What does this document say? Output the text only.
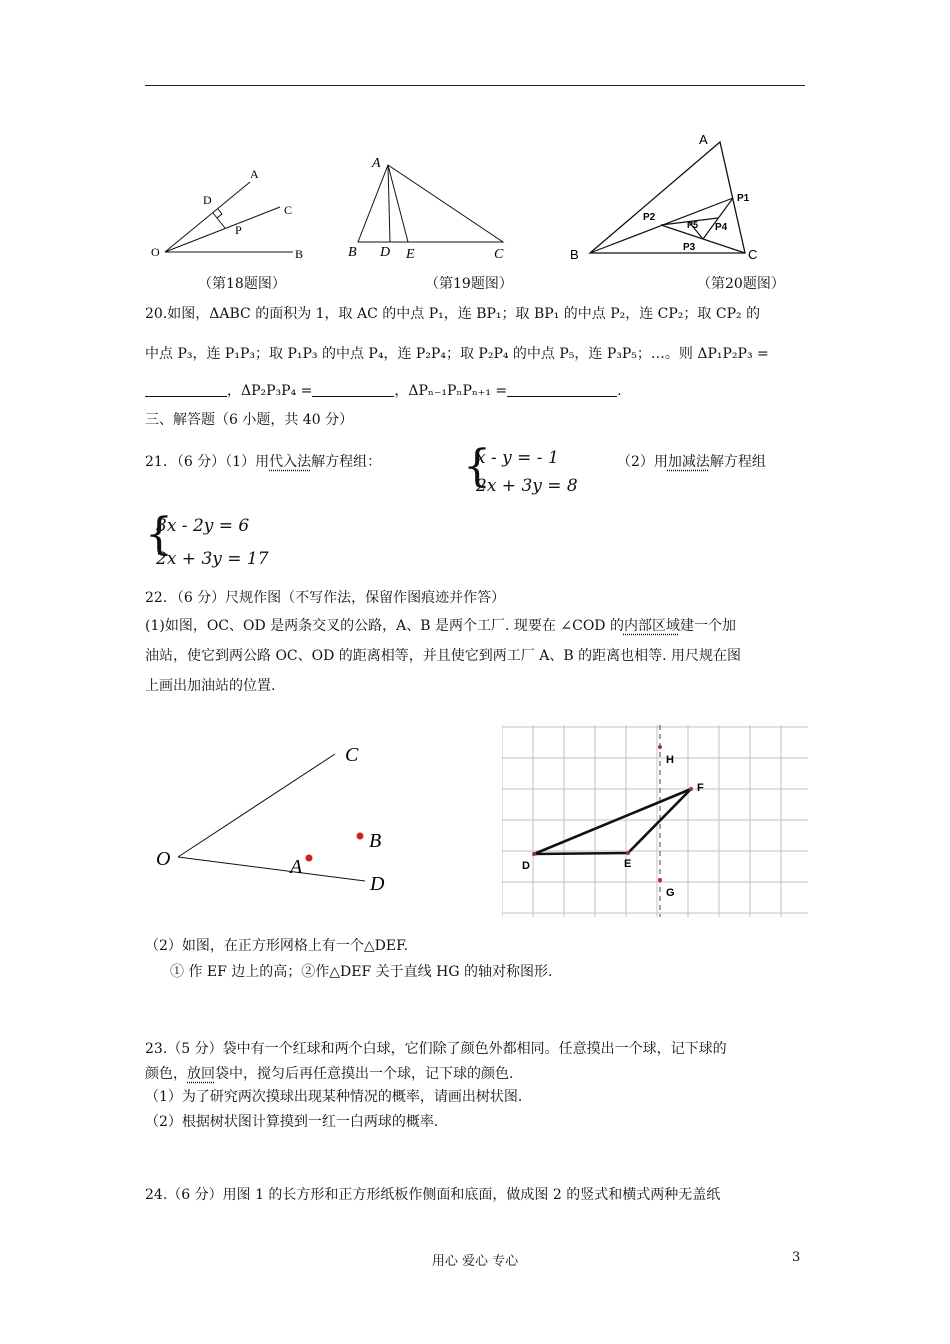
A
D
C
P
O	B
（第18题图）
A
B D E	C
（第19题图）
A
P1
P2
P5 P4
P3
B	C
（第20题图）
20.如图，ΔABC 的面积为 1，取 AC 的中点 P₁，连 BP₁；取 BP₁ 的中点 P₂，连 CP₂；取 CP₂ 的
中点 P₃，连 P₁P₃；取 P₁P₃ 的中点 P₄，连 P₂P₄；取 P₂P₄ 的中点 P₅，连 P₃P₅；…。则 ΔP₁P₂P₃ =
，ΔP₂P₃P₄ =	，ΔPₙ₋₁PₙPₙ₊₁ =	.
三、解答题（6 小题，共 40 分）
21．（6 分）（1）用代入法解方程组： {
x - y = - 1
2x + 3y = 8
（2）用加减法解方程组
{
3x - 2y = 6
2x + 3y = 17
22．（6 分）尺规作图（不写作法，保留作图痕迹并作答）
(1)如图，OC、OD 是两条交叉的公路，A、B 是两个工厂. 现要在 ∠COD 的内部区域建一个加
油站，使它到两公路 OC、OD 的距离相等，并且使它到两工厂 A、B 的距离也相等. 用尺规在图
上画出加油站的位置.
C
B
O	A
D
H
F
D	E
G
（2）如图，在正方形网格上有一个△DEF.
① 作 EF 边上的高；②作△DEF 关于直线 HG 的轴对称图形.
23.（5 分）袋中有一个红球和两个白球，它们除了颜色外都相同。任意摸出一个球，记下球的
颜色，放回袋中，搅匀后再任意摸出一个球，记下球的颜色.
（1）为了研究两次摸球出现某种情况的概率，请画出树状图.
（2）根据树状图计算摸到一红一白两球的概率.
24.（6 分）用图 1 的长方形和正方形纸板作侧面和底面，做成图 2 的竖式和横式两种无盖纸
用心 爱心 专心	3
